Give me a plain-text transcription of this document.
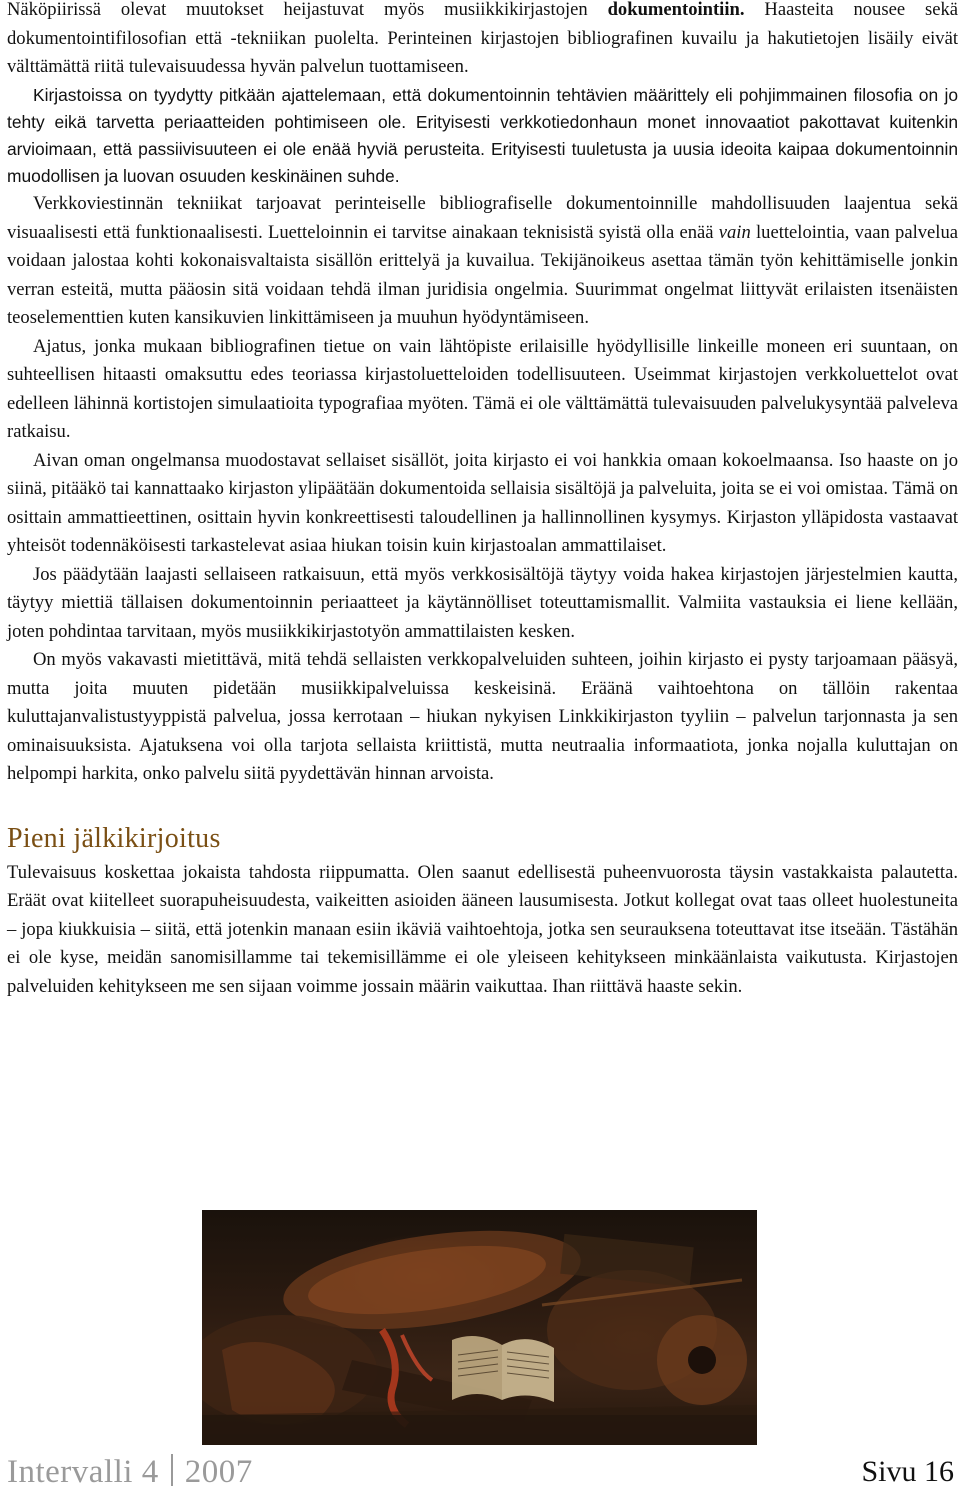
Näköpiirissä olevat muutokset heijastuvat myös musiikkikirjastojen dokumentointiin. Haasteita nousee sekä dokumentointifilosofian että -tekniikan puolelta. Perinteinen kirjastojen bibliografinen kuvailu ja hakutietojen lisäily eivät välttämättä riitä tulevaisuudessa hyvän palvelun tuottamiseen.

Kirjastoissa on tyydytty pitkään ajattelemaan, että dokumentoinnin tehtävien määrittely eli pohjimmainen filosofia on jo tehty eikä tarvetta periaatteiden pohtimiseen ole. Erityisesti verkkotiedonhaun monet innovaatiot pakottavat kuitenkin arvioimaan, että passiivisuuteen ei ole enää hyviä perusteita. Erityisesti tuuletusta ja uusia ideoita kaipaa dokumentoinnin muodollisen ja luovan osuuden keskinäinen suhde.

Verkkoviestinnän tekniikat tarjoavat perinteiselle bibliografiselle dokumentoinnille mahdollisuuden laajentua sekä visuaalisesti että funktionaalisesti. Luetteloinnin ei tarvitse ainakaan teknisistä syistä olla enää vain luettelointia, vaan palvelua voidaan jalostaa kohti kokonaisvaltaista sisällön erittelyä ja kuvailua. Tekijänoikeus asettaa tämän työn kehittämiselle jonkin verran esteitä, mutta pääosin sitä voidaan tehdä ilman juridisia ongelmia. Suurimmat ongelmat liittyvät erilaisten itsenäisten teoselementtien kuten kansikuvien linkittämiseen ja muuhun hyödyntämiseen.

Ajatus, jonka mukaan bibliografinen tietue on vain lähtöpiste erilaisille hyödyllisille linkeille moneen eri suuntaan, on suhteellisen hitaasti omaksuttu edes teoriassa kirjastoluetteloiden todellisuuteen. Useimmat kirjastojen verkkoluettelot ovat edelleen lähinnä kortistojen simulaatioita typografiaa myöten. Tämä ei ole välttämättä tulevaisuuden palvelukysyntää palveleva ratkaisu.

Aivan oman ongelmansa muodostavat sellaiset sisällöt, joita kirjasto ei voi hankkia omaan kokoelmaansa. Iso haaste on jo siinä, pitääkö tai kannattaako kirjaston ylipäätään dokumentoida sellaisia sisältöjä ja palveluita, joita se ei voi omistaa. Tämä on osittain ammattieettinen, osittain hyvin konkreettisesti taloudellinen ja hallinnollinen kysymys. Kirjaston ylläpidosta vastaavat yhteisöt todennäköisesti tarkastelevat asiaa hiukan toisin kuin kirjastoalan ammattilaiset.

Jos päädytään laajasti sellaiseen ratkaisuun, että myös verkkosisältöjä täytyy voida hakea kirjastojen järjestelmien kautta, täytyy miettiä tällaisen dokumentoinnin periaatteet ja käytännölliset toteuttamismallit. Valmiita vastauksia ei liene kellään, joten pohdintaa tarvitaan, myös musiikkikirjastotyön ammattilaisten kesken.

On myös vakavasti mietittävä, mitä tehdä sellaisten verkkopalveluiden suhteen, joihin kirjasto ei pysty tarjoamaan pääsyä, mutta joita muuten pidetään musiikkipalveluissa keskeisinä. Eräänä vaihtoehtona on tällöin rakentaa kuluttajanvalistustyyppistä palvelua, jossa kerrotaan – hiukan nykyisen Linkkikirjaston tyyliin – palvelun tarjonnasta ja sen ominaisuuksista. Ajatuksena voi olla tarjota sellaista kriittistä, mutta neutraalia informaatiota, jonka nojalla kuluttajan on helpompi harkita, onko palvelu siitä pyydettävän hinnan arvoista.

Pieni jälkikirjoitus

Tulevaisuus koskettaa jokaista tahdosta riippumatta. Olen saanut edellisestä puheenvuorosta täysin vastakkaista palautetta. Eräät ovat kiitelleet suorapuheisuudesta, vaikeitten asioiden ääneen lausumisesta. Jotkut kollegat ovat taas olleet huolestuneita – jopa kiukkuisia – siitä, että jotenkin manaan esiin ikäviä vaihtoehtoja, jotka sen seurauksena toteuttavat itse itseään. Tästähän ei ole kyse, meidän sanomisillamme tai tekemisillämme ei ole yleiseen kehitykseen minkäänlaista vaikutusta. Kirjastojen palveluiden kehitykseen me sen sijaan voimme jossain määrin vaikuttaa. Ihan riittävä haaste sekin.

Intervalli 4 2007	Sivu 16
